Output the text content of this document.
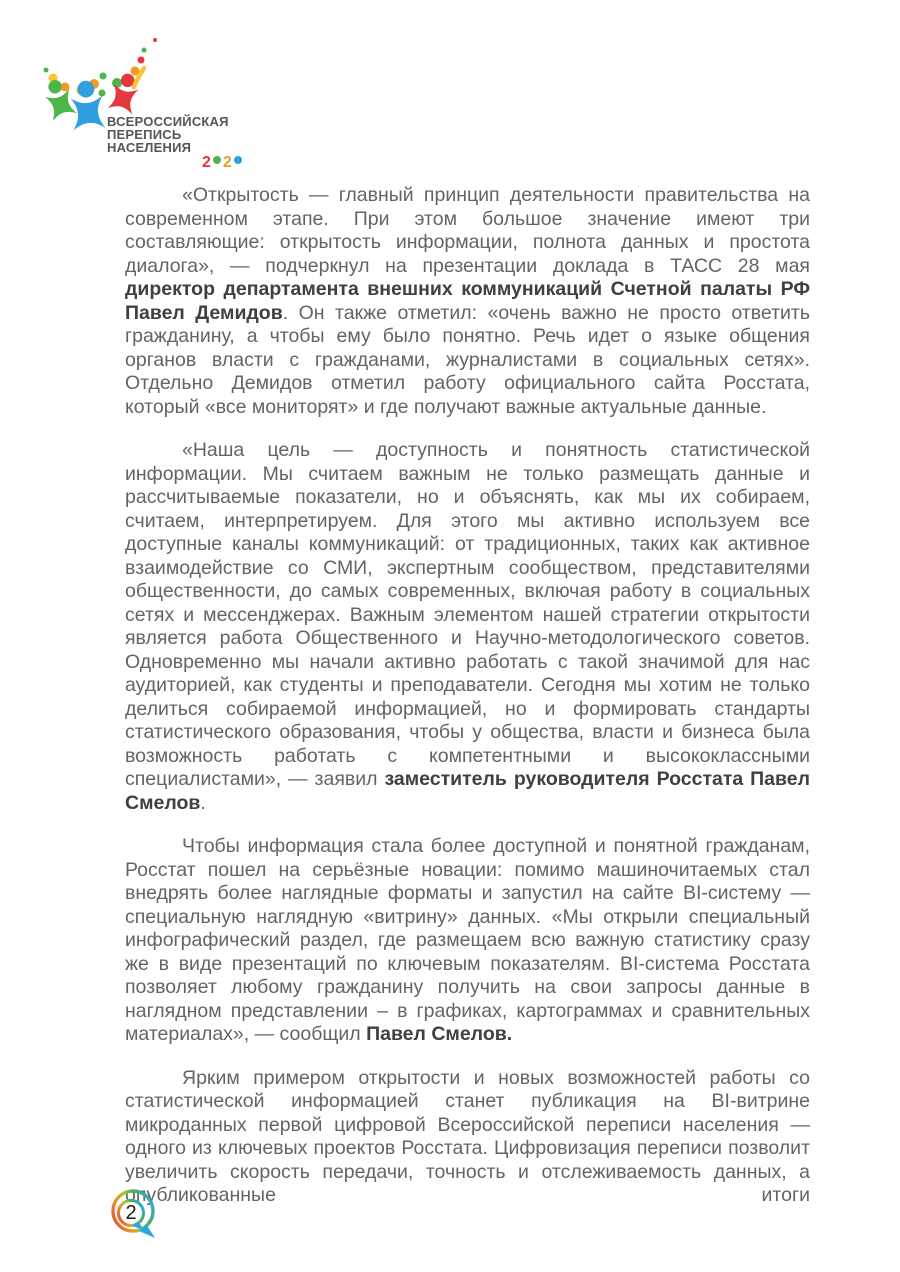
ВСЕРОССИЙСКАЯ
ПЕРЕПИСЬ
НАСЕЛЕНИЯ
2 2

«Открытость — главный принцип деятельности правительства на современном этапе. При этом большое значение имеют три составляющие: открытость информации, полнота данных и простота диалога», — подчеркнул на презентации доклада в ТАСС 28 мая директор департамента внешних коммуникаций Счетной палаты РФ Павел Демидов. Он также отметил: «очень важно не просто ответить гражданину, а чтобы ему было понятно. Речь идет о языке общения органов власти с гражданами, журналистами в социальных сетях». Отдельно Демидов отметил работу официального сайта Росстата, который «все мониторят» и где получают важные актуальные данные.

«Наша цель — доступность и понятность статистической информации. Мы считаем важным не только размещать данные и рассчитываемые показатели, но и объяснять, как мы их собираем, считаем, интерпретируем. Для этого мы активно используем все доступные каналы коммуникаций: от традиционных, таких как активное взаимодействие со СМИ, экспертным сообществом, представителями общественности, до самых современных, включая работу в социальных сетях и мессенджерах. Важным элементом нашей стратегии открытости является работа Общественного и Научно-методологического советов. Одновременно мы начали активно работать с такой значимой для нас аудиторией, как студенты и преподаватели. Сегодня мы хотим не только делиться собираемой информацией, но и формировать стандарты статистического образования, чтобы у общества, власти и бизнеса была возможность работать с компетентными и высококлассными специалистами», — заявил заместитель руководителя Росстата Павел Смелов.

Чтобы информация стала более доступной и понятной гражданам, Росстат пошел на серьёзные новации: помимо машиночитаемых стал внедрять более наглядные форматы и запустил на сайте BI-систему — специальную наглядную «витрину» данных. «Мы открыли специальный инфографический раздел, где размещаем всю важную статистику сразу же в виде презентаций по ключевым показателям. BI-система Росстата позволяет любому гражданину получить на свои запросы данные в наглядном представлении – в графиках, картограммах и сравнительных материалах», — сообщил Павел Смелов.

Ярким примером открытости и новых возможностей работы со статистической информацией станет публикация на BI-витрине микроданных первой цифровой Всероссийской переписи населения — одного из ключевых проектов Росстата. Цифровизация переписи позволит увеличить скорость передачи, точность и отслеживаемость данных, а опубликованные итоги

2
